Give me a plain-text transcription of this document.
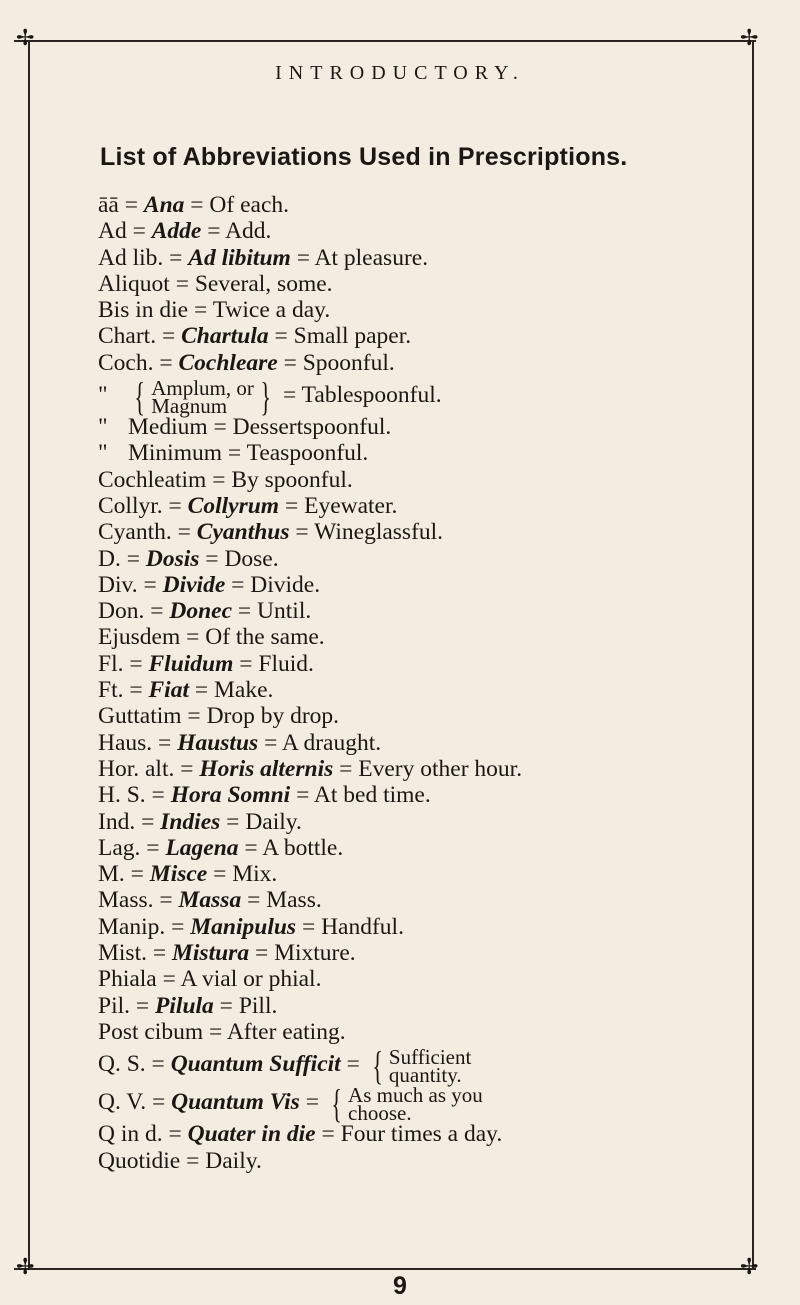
✢	✢
✢	✢
INTRODUCTORY.
List of Abbreviations Used in Prescriptions.
āā = Ana = Of each.
Ad = Adde = Add.
Ad lib. = Ad libitum = At pleasure.
Aliquot = Several, some.
Bis in die = Twice a day.
Chart. = Chartula = Small paper.
Coch. = Cochleare = Spoonful.
" { Amplum, or
Magnum } = Tablespoonful.
" Medium = Dessertspoonful.
" Minimum = Teaspoonful.
Cochleatim = By spoonful.
Collyr. = Collyrum = Eyewater.
Cyanth. = Cyanthus = Wineglassful.
D. = Dosis = Dose.
Div. = Divide = Divide.
Don. = Donec = Until.
Ejusdem = Of the same.
Fl. = Fluidum = Fluid.
Ft. = Fiat = Make.
Guttatim = Drop by drop.
Haus. = Haustus = A draught.
Hor. alt. = Horis alternis = Every other hour.
H. S. = Hora Somni = At bed time.
Ind. = Indies = Daily.
Lag. = Lagena = A bottle.
M. = Misce = Mix.
Mass. = Massa = Mass.
Manip. = Manipulus = Handful.
Mist. = Mistura = Mixture.
Phiala = A vial or phial.
Pil. = Pilula = Pill.
Post cibum = After eating.
Q. S. = Quantum Sufficit = { Sufficient
quantity.
Q. V. = Quantum Vis = { As much as you
choose.
Q in d. = Quater in die = Four times a day.
Quotidie = Daily.
9
